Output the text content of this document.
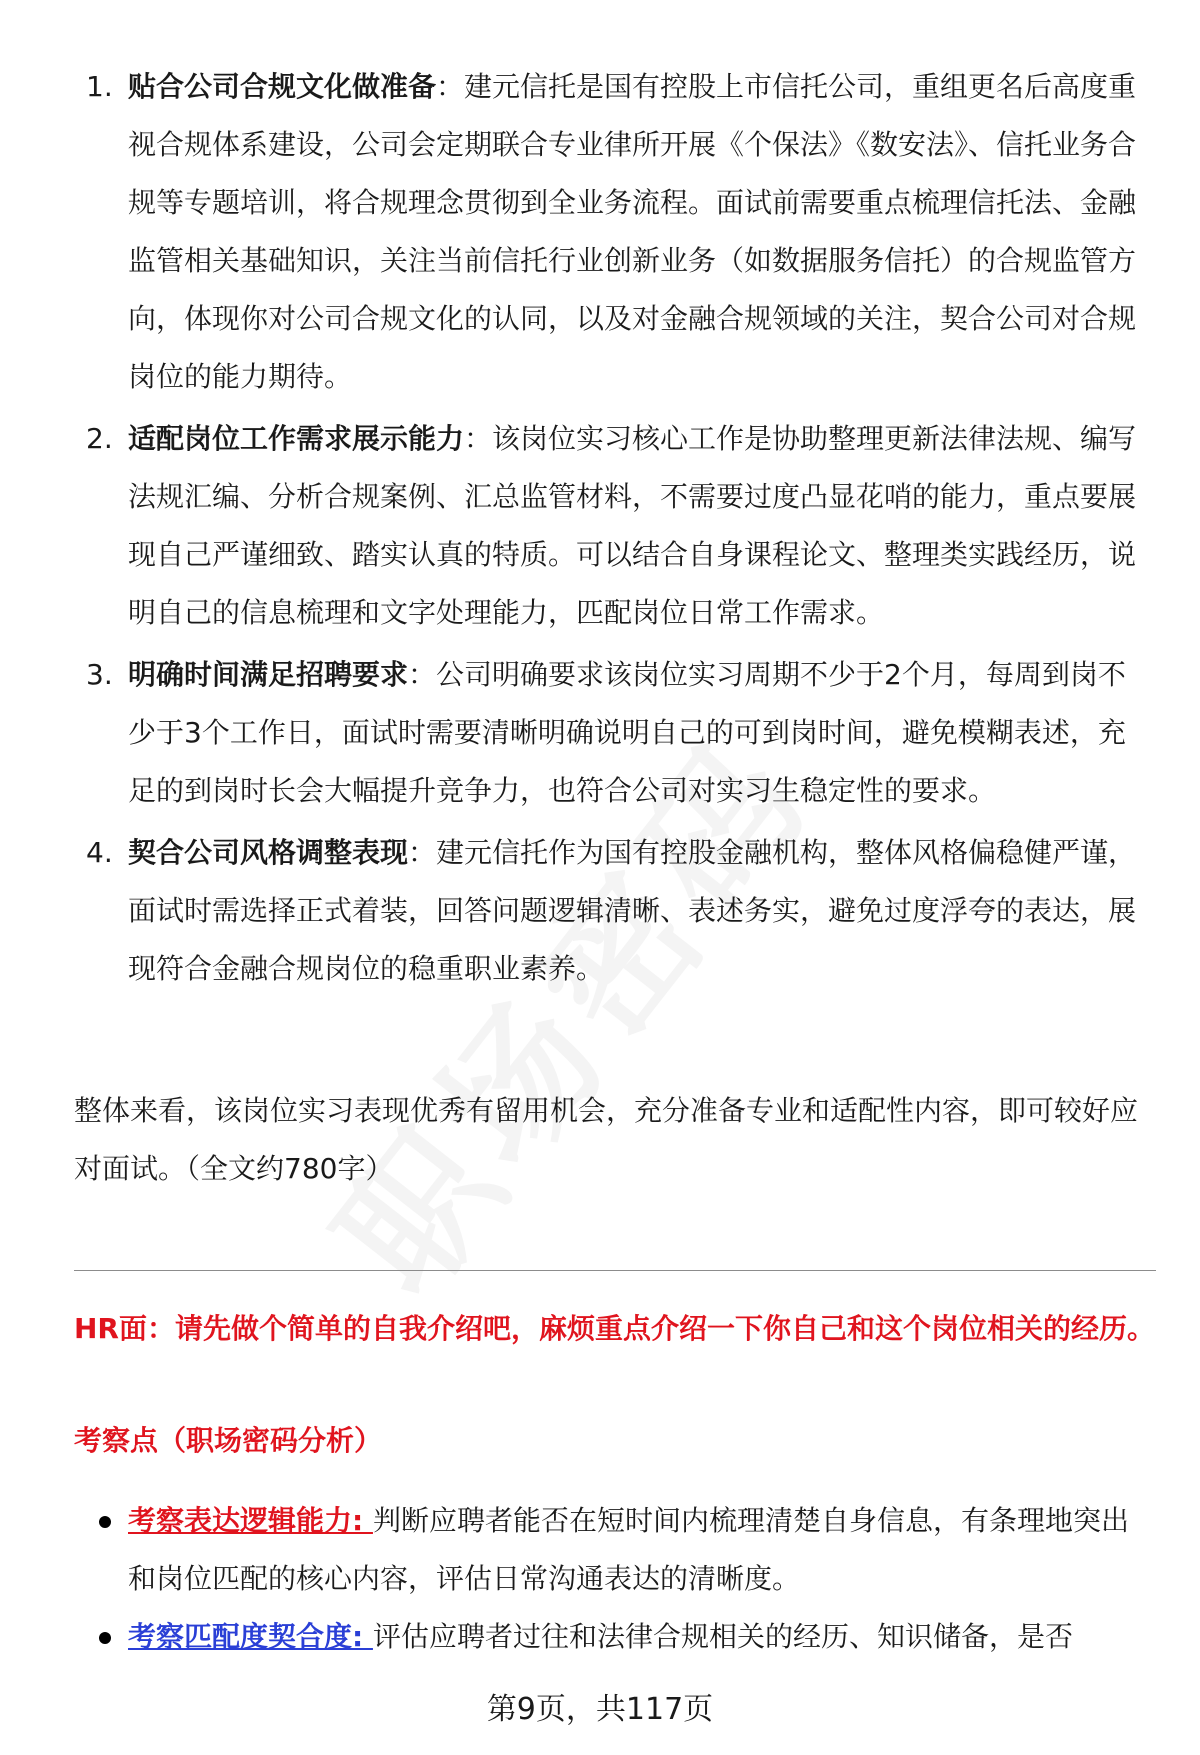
1. 贴合公司合规文化做准备：建元信托是国有控股上市信托公司，重组更名后高度重视合规体系建设，公司会定期联合专业律所开展《个保法》《数安法》、信托业务合规等专题培训，将合规理念贯彻到全业务流程。面试前需要重点梳理信托法、金融监管相关基础知识，关注当前信托行业创新业务（如数据服务信托）的合规监管方向，体现你对公司合规文化的认同，以及对金融合规领域的关注，契合公司对合规岗位的能力期待。
2. 适配岗位工作需求展示能力：该岗位实习核心工作是协助整理更新法律法规、编写法规汇编、分析合规案例、汇总监管材料，不需要过度凸显花哨的能力，重点要展现自己严谨细致、踏实认真的特质。可以结合自身课程论文、整理类实践经历，说明自己的信息梳理和文字处理能力，匹配岗位日常工作需求。
3. 明确时间满足招聘要求：公司明确要求该岗位实习周期不少于2个月，每周到岗不少于3个工作日，面试时需要清晰明确说明自己的可到岗时间，避免模糊表述，充足的到岗时长会大幅提升竞争力，也符合公司对实习生稳定性的要求。
4. 契合公司风格调整表现：建元信托作为国有控股金融机构，整体风格偏稳健严谨，面试时需选择正式着装，回答问题逻辑清晰、表述务实，避免过度浮夸的表达，展现符合金融合规岗位的稳重职业素养。
整体来看，该岗位实习表现优秀有留用机会，充分准备专业和适配性内容，即可较好应对面试。（全文约780字）
HR面：请先做个简单的自我介绍吧，麻烦重点介绍一下你自己和这个岗位相关的经历。
考察点（职场密码分析）
考察表达逻辑能力: 判断应聘者能否在短时间内梳理清楚自身信息，有条理地突出和岗位匹配的核心内容，评估日常沟通表达的清晰度。
考察匹配度契合度: 评估应聘者过往和法律合规相关的经历、知识储备，是否
第9页，共117页
